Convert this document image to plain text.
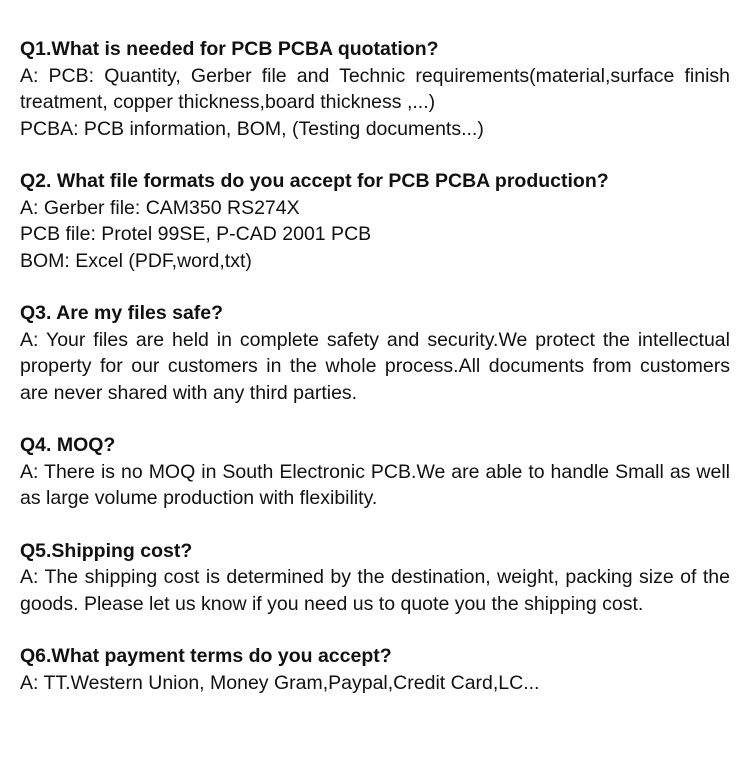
Q1.What is needed for PCB PCBA quotation?

A: PCB: Quantity, Gerber file and Technic requirements(material,surface finish treatment, copper thickness,board thickness ,...)
PCBA: PCB information, BOM, (Testing documents...)

Q2. What file formats do you accept for PCB PCBA production?

A: Gerber file: CAM350 RS274X
PCB file: Protel 99SE, P-CAD 2001 PCB
BOM: Excel (PDF,word,txt)

Q3. Are my files safe?

A: Your files are held in complete safety and security.We protect the intellectual property for our customers in the whole process.All documents from customers are never shared with any third parties.

Q4. MOQ?

A: There is no MOQ in South Electronic PCB.We are able to handle Small as well as large volume production with flexibility.

Q5.Shipping cost?

A: The shipping cost is determined by the destination, weight, packing size of the goods. Please let us know if you need us to quote you the shipping cost.

Q6.What payment terms do you accept?

A: TT.Western Union, Money Gram,Paypal,Credit Card,LC...
